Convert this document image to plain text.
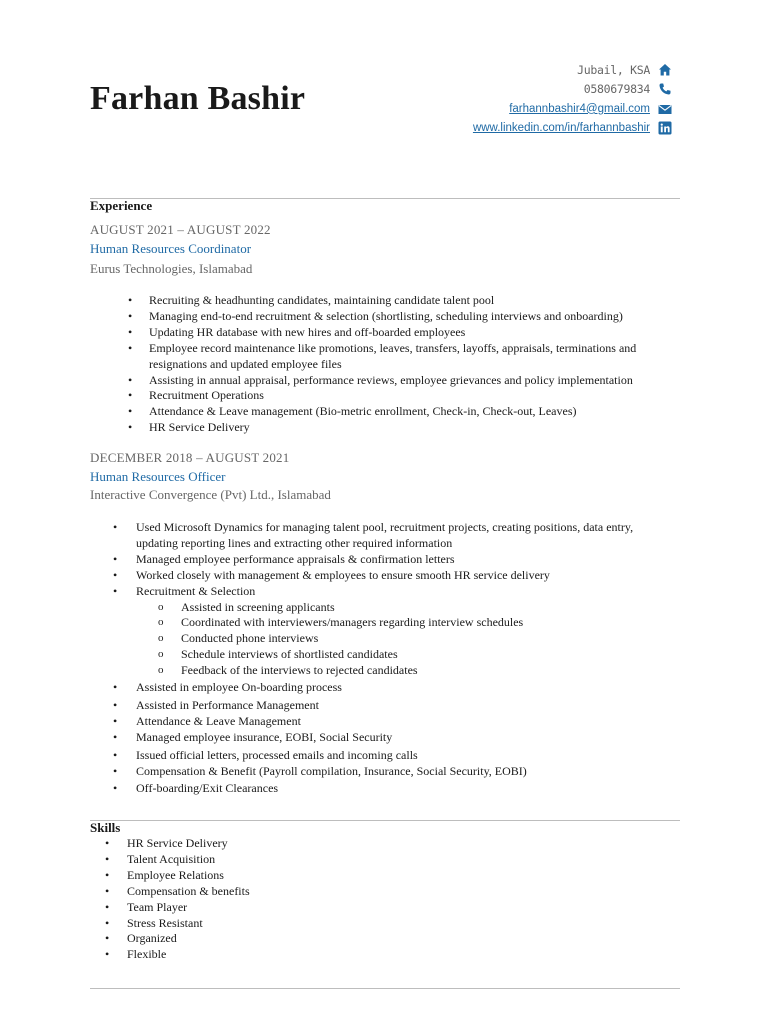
Farhan Bashir
Jubail, KSA
0580679834
farhannbashir4@gmail.com
www.linkedin.com/in/farhannbashir
Experience
AUGUST 2021 – AUGUST 2022
Human Resources Coordinator
Eurus Technologies, Islamabad
• Recruiting & headhunting candidates, maintaining candidate talent pool
• Managing end-to-end recruitment & selection (shortlisting, scheduling interviews and onboarding)
• Updating HR database with new hires and off-boarded employees
• Employee record maintenance like promotions, leaves, transfers, layoffs, appraisals, terminations and resignations and updated employee files
• Assisting in annual appraisal, performance reviews, employee grievances and policy implementation
• Recruitment Operations
• Attendance & Leave management (Bio-metric enrollment, Check-in, Check-out, Leaves)
• HR Service Delivery
DECEMBER 2018 – AUGUST 2021
Human Resources Officer
Interactive Convergence (Pvt) Ltd., Islamabad
• Used Microsoft Dynamics for managing talent pool, recruitment projects, creating positions, data entry, updating reporting lines and extracting other required information
• Managed employee performance appraisals & confirmation letters
• Worked closely with management & employees to ensure smooth HR service delivery
• Recruitment & Selection
o Assisted in screening applicants
o Coordinated with interviewers/managers regarding interview schedules
o Conducted phone interviews
o Schedule interviews of shortlisted candidates
o Feedback of the interviews to rejected candidates
• Assisted in employee On-boarding process
• Assisted in Performance Management
• Attendance & Leave Management
• Managed employee insurance, EOBI, Social Security
• Issued official letters, processed emails and incoming calls
• Compensation & Benefit (Payroll compilation, Insurance, Social Security, EOBI)
• Off-boarding/Exit Clearances
Skills
• HR Service Delivery
• Talent Acquisition
• Employee Relations
• Compensation & benefits
• Team Player
• Stress Resistant
• Organized
• Flexible
